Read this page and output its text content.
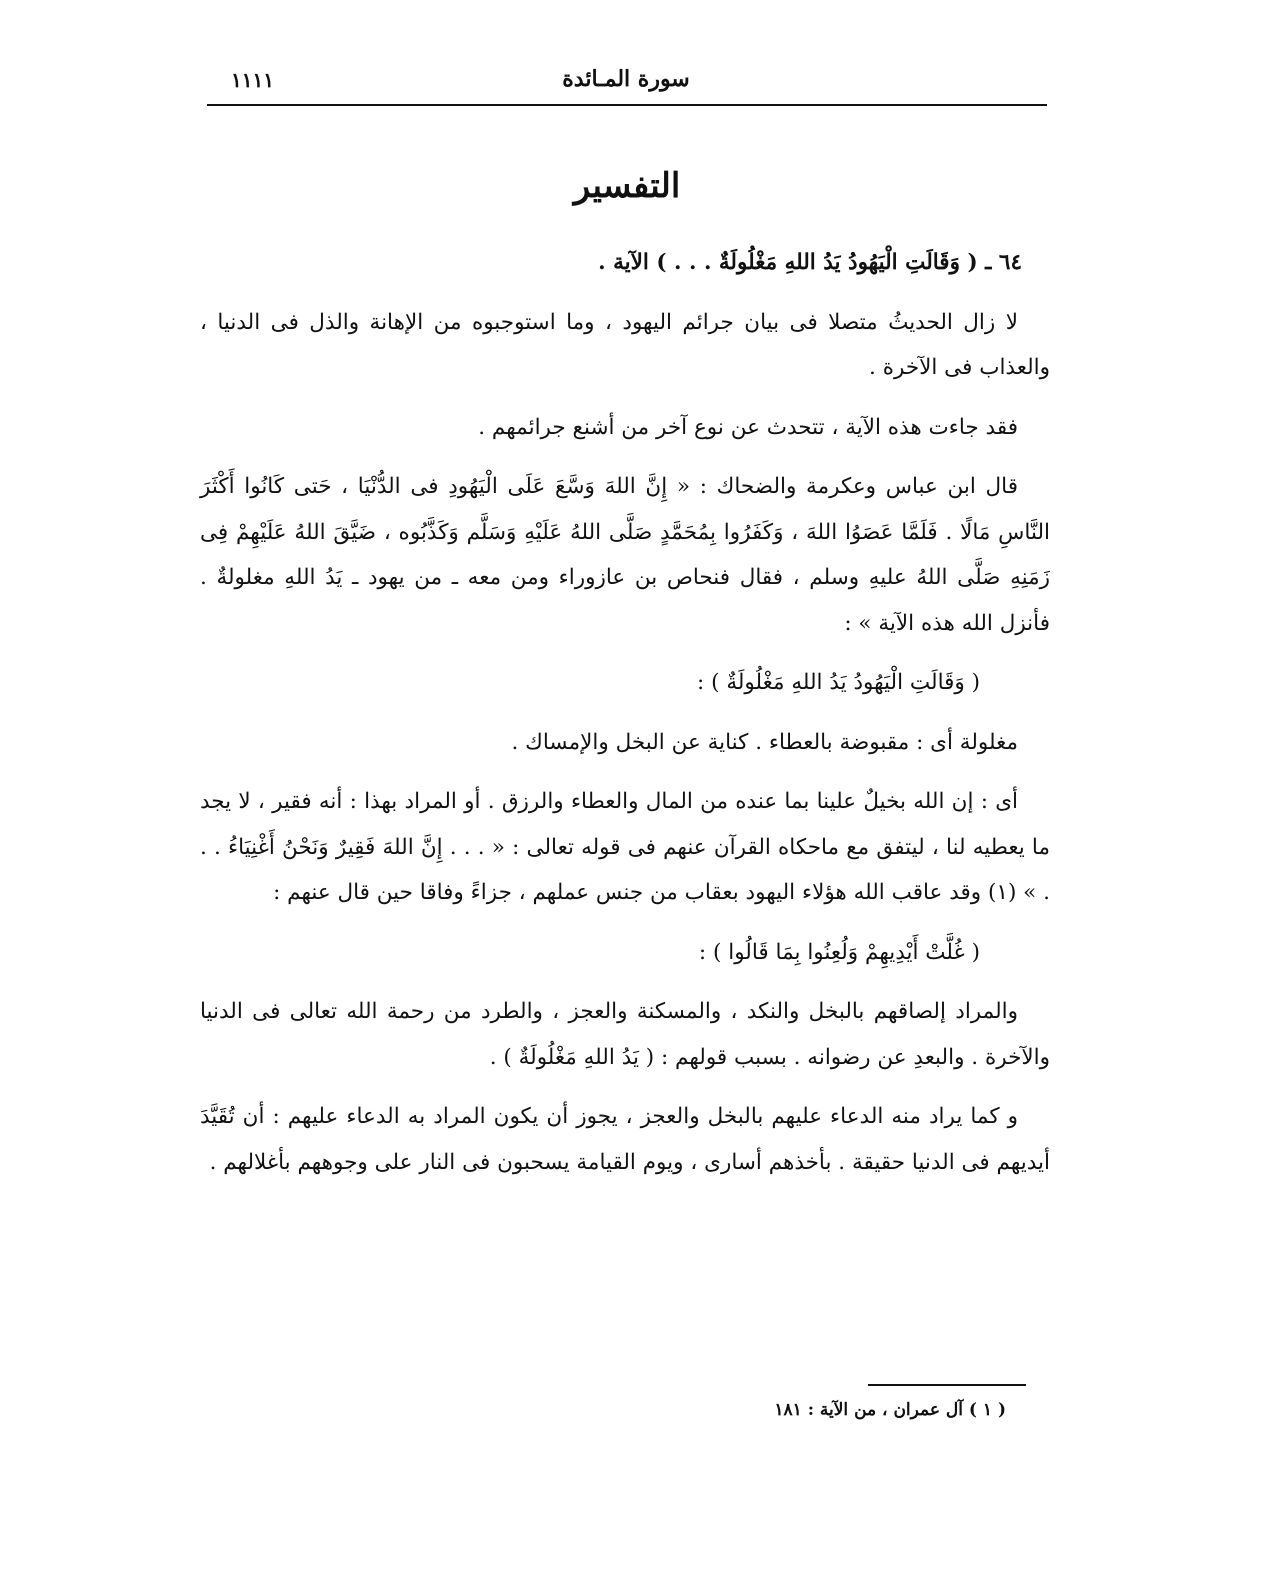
١١١١	سورة المـائدة
التفسير

٦٤ ـ ( وَقَالَتِ الْيَهُودُ يَدُ اللهِ مَغْلُولَةٌ . . . ) الآية .

لا زال الحديثُ متصلا فى بيان جرائم اليهود ، وما استوجبوه من الإهانة والذل فى الدنيا ، والعذاب فى الآخرة .

فقد جاءت هذه الآية ، تتحدث عن نوع آخر من أشنع جرائمهم .

قال ابن عباس وعكرمة والضحاك : « إِنَّ اللهَ وَسَّعَ عَلَى الْيَهُودِ فى الدُّنْيَا ، حَتى كَانُوا أَكْثَرَ النَّاسِ مَالًا . فَلَمَّا عَصَوُا اللهَ ، وَكَفَرُوا بِمُحَمَّدٍ صَلَّى اللهُ عَلَيْهِ وَسَلَّم وَكَذَّبُوه ، ضَيَّقَ اللهُ عَلَيْهِمْ فِى زَمَنِهِ صَلَّى اللهُ عليهِ وسلم ، فقال فنحاص بن عازوراء ومن معه ـ من يهود ـ يَدُ اللهِ مغلولةٌ . فأنزل الله هذه الآية » :

( وَقَالَتِ الْيَهُودُ يَدُ اللهِ مَغْلُولَةٌ ) :

مغلولة أى : مقبوضة بالعطاء . كناية عن البخل والإمساك .

أى : إن الله بخيلٌ علينا بما عنده من المال والعطاء والرزق . أو المراد بهذا : أنه فقير ، لا يجد ما يعطيه لنا ، ليتفق مع ماحكاه القرآن عنهم فى قوله تعالى : « . . . إِنَّ اللهَ فَقِيرٌ وَنَحْنُ أَغْنِيَاءُ . . . » (١) وقد عاقب الله هؤلاء اليهود بعقاب من جنس عملهم ، جزاءً وفاقا حين قال عنهم :

( غُلَّتْ أَيْدِيهِمْ وَلُعِنُوا بِمَا قَالُوا ) :

والمراد إلصاقهم بالبخل والنكد ، والمسكنة والعجز ، والطرد من رحمة الله تعالى فى الدنيا والآخرة . والبعدِ عن رضوانه . بسبب قولهم : ( يَدُ اللهِ مَغْلُولَةٌ ) .

و كما يراد منه الدعاء عليهم بالبخل والعجز ، يجوز أن يكون المراد به الدعاء عليهم : أن تُقَيَّدَ أيديهم فى الدنيا حقيقة . بأخذهم أسارى ، ويوم القيامة يسحبون فى النار على وجوههم بأغلالهم .

( ١ ) آل عمران ، من الآية : ١٨١
